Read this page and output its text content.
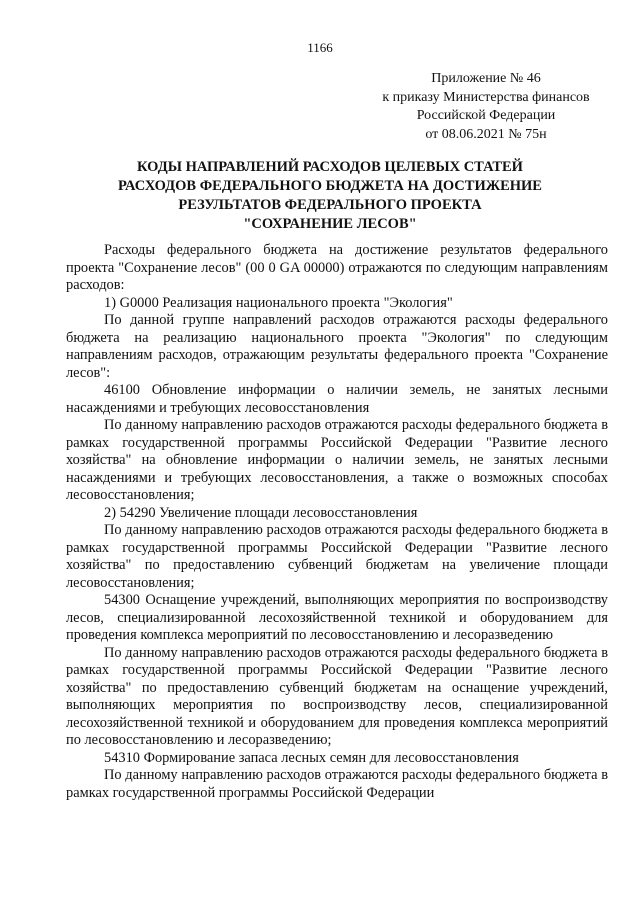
1166
Приложение № 46
к приказу Министерства финансов
Российской Федерации
от 08.06.2021 № 75н
КОДЫ НАПРАВЛЕНИЙ РАСХОДОВ ЦЕЛЕВЫХ СТАТЕЙ
РАСХОДОВ ФЕДЕРАЛЬНОГО БЮДЖЕТА НА ДОСТИЖЕНИЕ
РЕЗУЛЬТАТОВ ФЕДЕРАЛЬНОГО ПРОЕКТА
"СОХРАНЕНИЕ ЛЕСОВ"

Расходы федерального бюджета на достижение результатов федерального проекта "Сохранение лесов" (00 0 GA 00000) отражаются по следующим направлениям расходов:

1) G0000 Реализация национального проекта "Экология"

По данной группе направлений расходов отражаются расходы федерального бюджета на реализацию национального проекта "Экология" по следующим направлениям расходов, отражающим результаты федерального проекта "Сохранение лесов":

46100 Обновление информации о наличии земель, не занятых лесными насаждениями и требующих лесовосстановления

По данному направлению расходов отражаются расходы федерального бюджета в рамках государственной программы Российской Федерации "Развитие лесного хозяйства" на обновление информации о наличии земель, не занятых лесными насаждениями и требующих лесовосстановления, а также о возможных способах лесовосстановления;

2) 54290 Увеличение площади лесовосстановления

По данному направлению расходов отражаются расходы федерального бюджета в рамках государственной программы Российской Федерации "Развитие лесного хозяйства" по предоставлению субвенций бюджетам на увеличение площади лесовосстановления;

54300 Оснащение учреждений, выполняющих мероприятия по воспроизводству лесов, специализированной лесохозяйственной техникой и оборудованием для проведения комплекса мероприятий по лесовосстановлению и лесоразведению

По данному направлению расходов отражаются расходы федерального бюджета в рамках государственной программы Российской Федерации "Развитие лесного хозяйства" по предоставлению субвенций бюджетам на оснащение учреждений, выполняющих мероприятия по воспроизводству лесов, специализированной лесохозяйственной техникой и оборудованием для проведения комплекса мероприятий по лесовосстановлению и лесоразведению;

54310 Формирование запаса лесных семян для лесовосстановления

По данному направлению расходов отражаются расходы федерального бюджета в рамках государственной программы Российской Федерации
